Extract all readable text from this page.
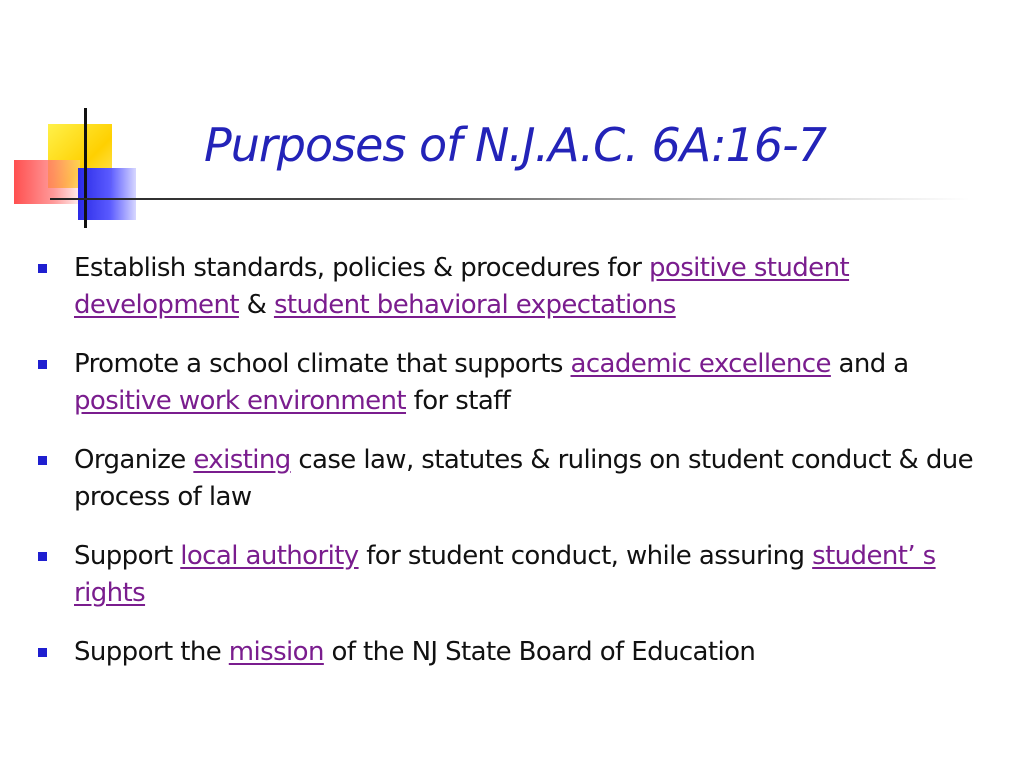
Purposes of N.J.A.C. 6A:16-7
Establish standards, policies & procedures for positive student development & student behavioral expectations
Promote a school climate that supports academic excellence and a positive work environment for staff
Organize existing case law, statutes & rulings on student conduct & due process of law
Support local authority for student conduct, while assuring student’ s rights
Support the mission of the NJ State Board of Education
